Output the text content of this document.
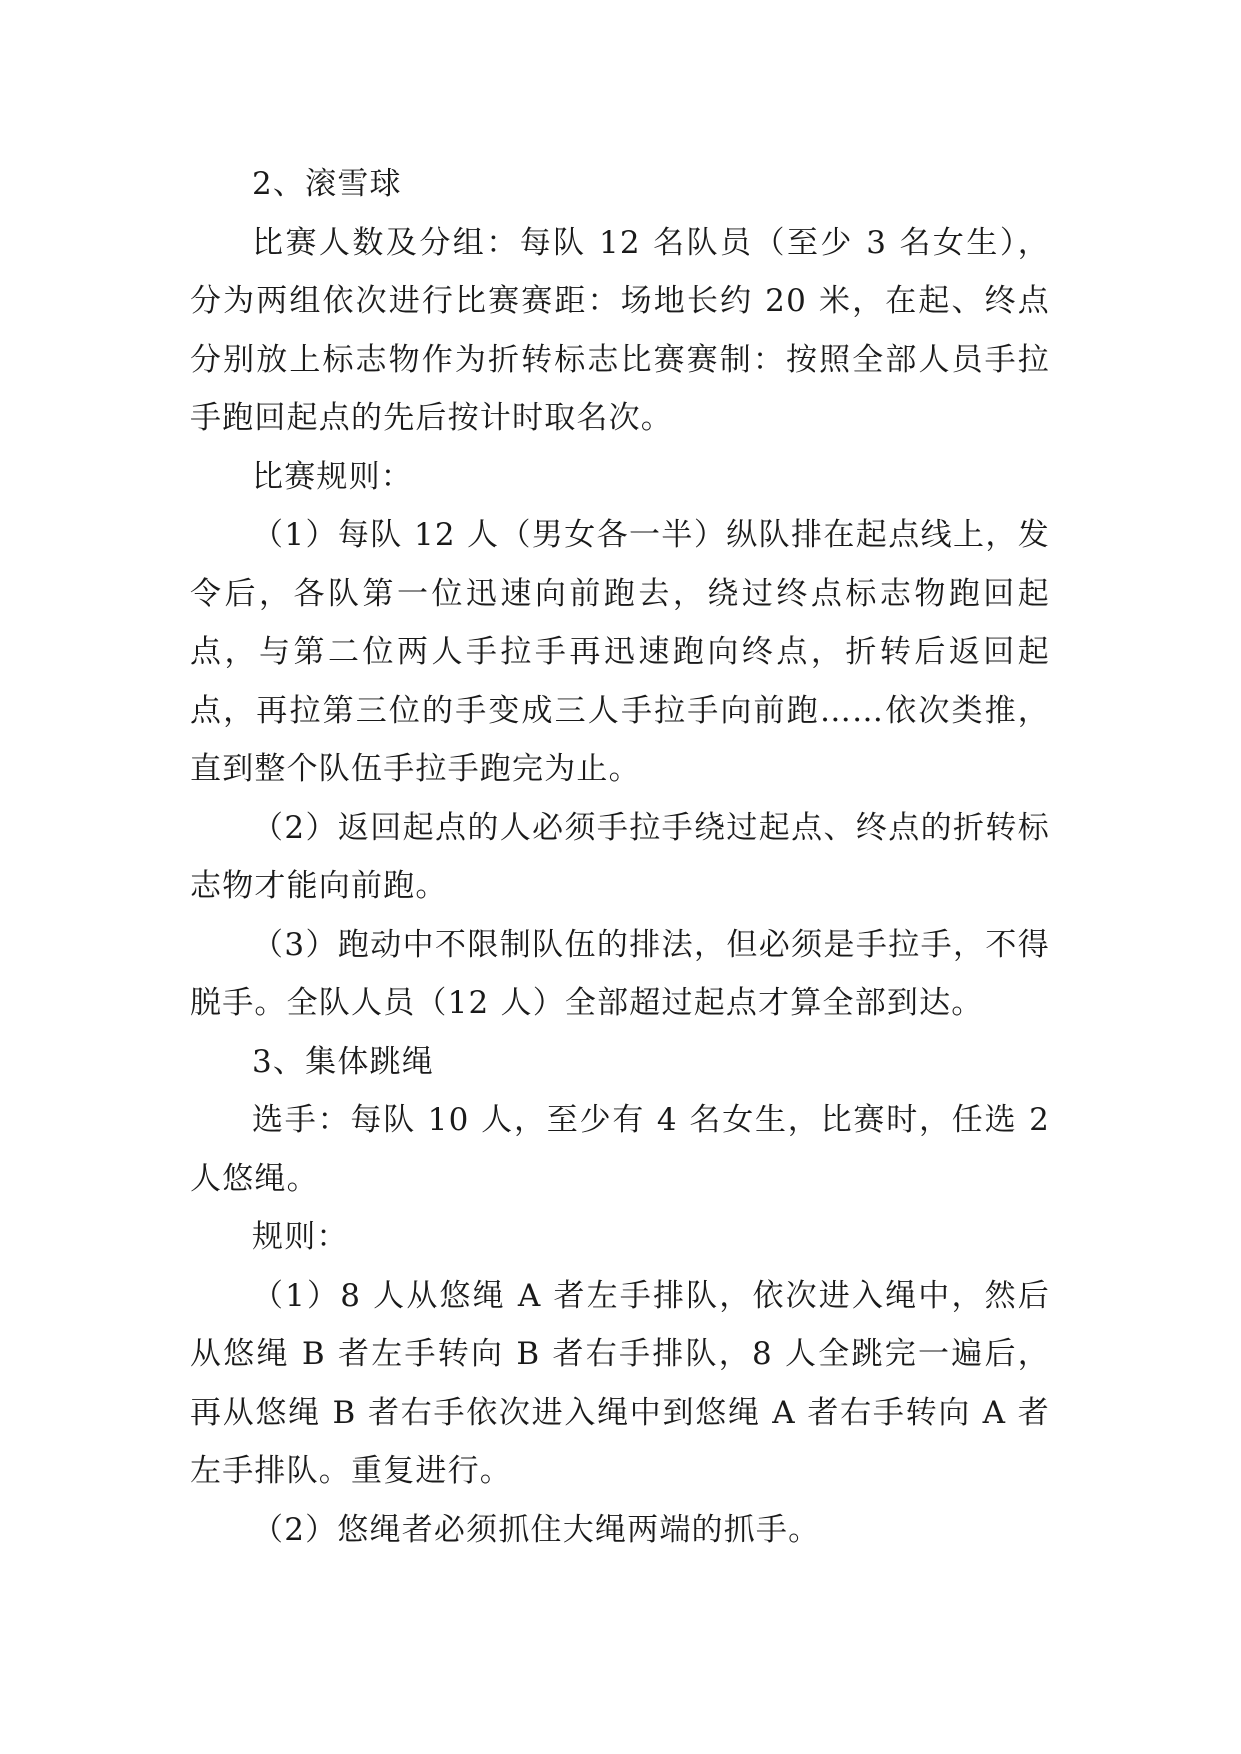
2、滚雪球

比赛人数及分组：每队 12 名队员（至少 3 名女生），分为两组依次进行比赛赛距：场地长约 20 米，在起、终点分别放上标志物作为折转标志比赛赛制：按照全部人员手拉手跑回起点的先后按计时取名次。

比赛规则：

（1）每队 12 人（男女各一半）纵队排在起点线上，发令后，各队第一位迅速向前跑去，绕过终点标志物跑回起点，与第二位两人手拉手再迅速跑向终点，折转后返回起点，再拉第三位的手变成三人手拉手向前跑……依次类推，直到整个队伍手拉手跑完为止。

（2）返回起点的人必须手拉手绕过起点、终点的折转标志物才能向前跑。

（3）跑动中不限制队伍的排法，但必须是手拉手，不得脱手。全队人员（12 人）全部超过起点才算全部到达。

3、集体跳绳

选手：每队 10 人，至少有 4 名女生，比赛时，任选 2 人悠绳。

规则：

（1）8 人从悠绳 A 者左手排队，依次进入绳中，然后从悠绳 B 者左手转向 B 者右手排队，8 人全跳完一遍后，再从悠绳 B 者右手依次进入绳中到悠绳 A 者右手转向 A 者左手排队。重复进行。

（2）悠绳者必须抓住大绳两端的抓手。
